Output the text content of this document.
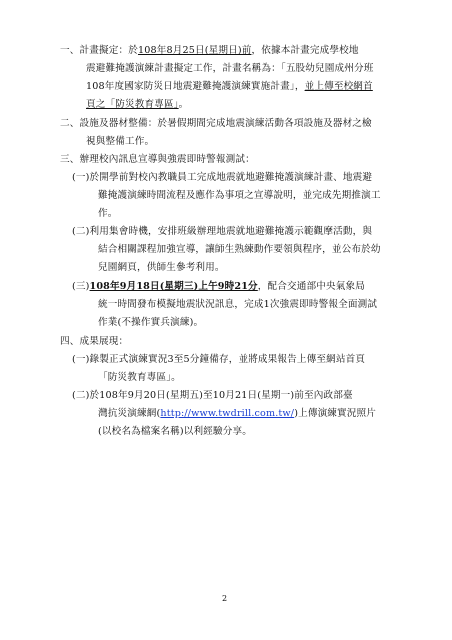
一、計畫擬定：於108年8月25日(星期日)前，依據本計畫完成學校地
震避難掩護演練計畫擬定工作，計畫名稱為：「五股幼兒園成州分班
108年度國家防災日地震避難掩護演練實施計畫」，並上傳至校網首
頁之「防災教育專區」。
二、設施及器材整備：於暑假期間完成地震演練活動各項設施及器材之檢
視與整備工作。
三、辦理校內訊息宣導與強震即時警報測試：
(一)於開學前對校內教職員工完成地震就地避難掩護演練計畫、地震避
難掩護演練時間流程及應作為事項之宣導說明，並完成先期推演工
作。
(二)利用集會時機，安排班級辦理地震就地避難掩護示範觀摩活動，與
結合相關課程加強宣導，讓師生熟練動作要領與程序，並公布於幼
兒園網頁，供師生參考利用。
(三)108年9月18日(星期三)上午9時21分，配合交通部中央氣象局
統一時間發布模擬地震狀況訊息，完成1次強震即時警報全面測試
作業(不操作實兵演練)。
四、成果展現：
(一)錄製正式演練實況3至5分鐘備存，並將成果報告上傳至網站首頁
「防災教育專區」。
(二)於108年9月20日(星期五)至10月21日(星期一)前至內政部臺
灣抗災演練網(http://www.twdrill.com.tw/)上傳演練實況照片
(以校名為檔案名稱)以利經驗分享。
2
